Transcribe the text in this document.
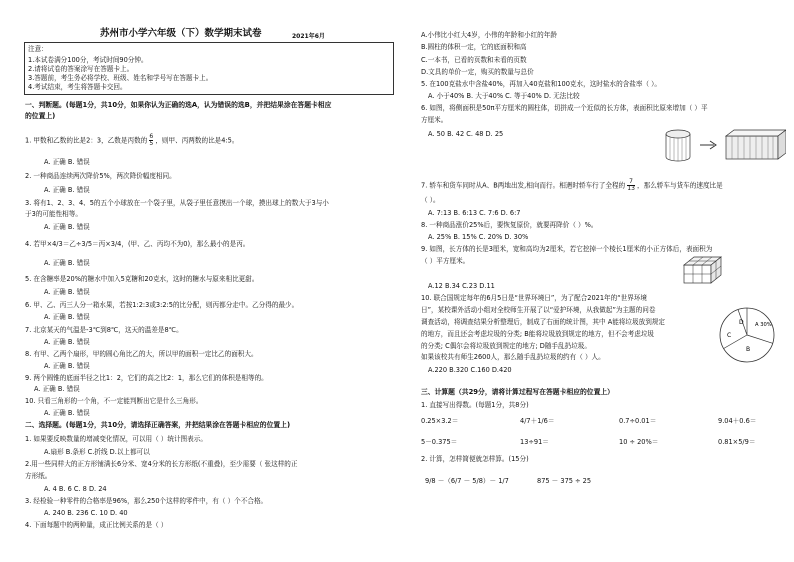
苏州市小学六年级（下）数学期末试卷	2021年6月
注意：
1.本试卷满分100分，考试时间90分钟。
2.请将试卷的答案涂写在答题卡上。
3.答题前，考生务必将学校、班级、姓名和学号写在答题卡上。
4.考试结束，考生将答题卡交回。
一、判断题。(每题1分，共10分，如果你认为正确的选A，认为错误的选B，并把结果涂在答题卡相应
的位置上)
1. 甲数和乙数的比是2：3，乙数是丙数的 $\frac{6}{5}$ ，则甲、丙两数的比是4:5。
A. 正确 B. 错误
2. 一种商品连续两次降价5%，两次降价幅度相同。
A. 正确 B. 错误
3. 将有1、2、3、4、5的五个小球放在一个袋子里，从袋子里任意摸出一个球，摸出球上的数大于3与小
于3的可能性相等。
A. 正确 B. 错误
4. 若甲×4/3＝乙÷3/5＝丙×3/4，(甲、乙、丙均不为0)，那么最小的是丙。
A. 正确 B. 错误
5. 在含糖率是20%的糖水中加入5克糖和20克水，这时的糖水与原来相比更甜。
A. 正确 B. 错误
6. 甲、乙、丙三人分一箱水果，若按1:2:3或3:2:5的比分配，则丙都分走中。乙分得的最少。
A. 正确 B. 错误
7. 北京某天的气温是-3℃到8℃，这天的温差是8℃。
A. 正确 B. 错误
8. 有甲、乙两个扇形，甲的圆心角比乙的大，所以甲的面积一定比乙的面积大。
A. 正确 B. 错误
9. 两个圆锥的底面半径之比1：2，它们的高之比2：1，那么它们的体积是相等的。
A. 正确 B. 错误
10. 只看三角形的一个角，不一定能判断出它是什么三角形。
A. 正确 B. 错误
二、选择题。(每题1分，共10分，请选择正确答案，并把结果涂在答题卡相应的位置上)
1. 如果要反映数量的增减变化情况，可以用（ ）统计图表示。
A.扇形 B.条形 C.折线 D.以上都可以
2.用一些同样大的正方形铺满长6分米、宽4分米的长方形纸(不重叠)，至少需要（ 张这样的正
方形纸。
A. 4 B. 6 C. 8 D. 24
3. 经检验一种零件的合格率是96%，那么250个这样的零件中，有（ ）个不合格。
A. 240 B. 236 C. 10 D. 40
4. 下面每题中的两种量，成正比例关系的是（ ）
A.小伟比小红大4岁，小伟的年龄和小红的年龄
B.圆柱的体积一定，它的底面积和高
C.一本书，已看的页数和未看的页数
D.文具的单价一定，购买的数量与总价
5. 在100克盐水中含盐40%，再加入40克盐和100克水，这时盐水的含盐率（ ）。
A. 小于40% B. 大于40% C. 等于40% D. 无法比较
6. 如图，将侧面积是50π平方厘米的圆柱体，切拼成一个近似的长方体，表面积比原来增加（ ）平
方厘米。
A. 50 B. 42 C. 48 D. 25
7. 轿车和货车同时从A、B两地出发,相向而行。相遇时轿车行了全程的 $\frac{7}{13}$ ，那么轿车与货车的速度比是
（ ）。
A. 7:13 B. 6:13 C. 7:6 D. 6:7
8. 一种商品涨价25%后，要恢复原价，就要再降价（ ）%。
A. 25% B. 15% C. 20% D. 30%
9. 如图，长方体的长是3厘米，宽和高均为2厘米，若它挖掉一个棱长1厘米的小正方体后，表面积为
（ ）平方厘米。
A.12 B.34 C.23 D.11
10. 联合国规定每年的6月5日是“世界环境日”，为了配合2021年的“世界环境
日”，某校课外活动小组对全校师生开展了以“爱护环境，从我做起”为主题的问卷
调查活动，将调查结果分析整理后，制成了右面的统计图，其中 A能将垃圾放到规定
的地方，而且还会考虑垃圾的分类; B能将垃圾放到规定的地方，但不会考虑垃圾
的分类; C偶尔会将垃圾放到规定的地方; D随手乱扔垃圾。
如果该校共有师生2600人，那么随手乱扔垃圾的约有（ ）人。
A 30%
B
C
D
A.220 B.320 C.160 D.420
三、计算题（共29分，请将计算过程写在答题卡相应的位置上）
1. 直接写出得数。(每题1分，共8分)
0.25×3.2＝	4/7＋1/6＝	0.7÷0.01＝	9.04＋0.6＝
5－0.375＝	13÷91＝	10 ÷ 20%＝	0.81×5/9＝
2. 计算，怎样简便就怎样算。(15分)
9/8 －（6/7 － 5/8）－ 1/7	875 － 375 ÷ 25
